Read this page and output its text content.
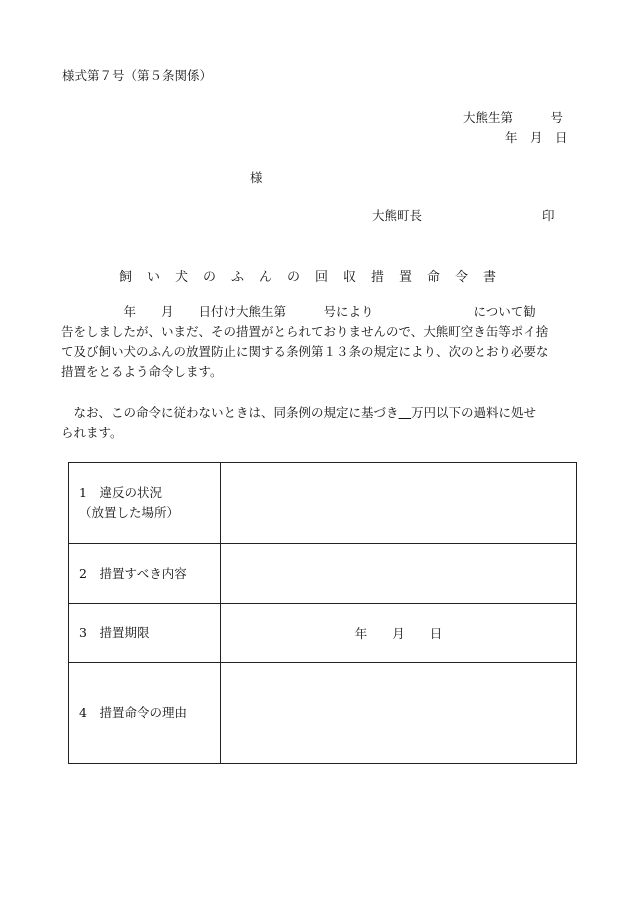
様式第７号（第５条関係）
大熊生第　　　号
年　月　日
様
大熊町長	印
飼い犬のふんの回収措置命令書
　　　　　年　　月　　日付け大熊生第　　　号により　　　　　　　　について勧
告をしましたが、いまだ、その措置がとられておりませんので、大熊町空き缶等ポイ捨
て及び飼い犬のふんの放置防止に関する条例第１３条の規定により、次のとおり必要な
措置をとるよう命令します。
　なお、この命令に従わないときは、同条例の規定に基づき＿万円以下の過料に処せ
られます。
1　違反の状況
（放置した場所）	

2　措置すべき内容	
3　措置期限	年　　月　　日
4　措置命令の理由	
